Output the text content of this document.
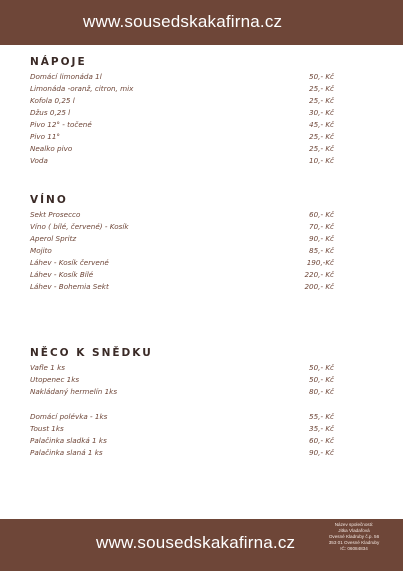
www.sousedskakafirna.cz
NÁPOJE
Domácí limonáda 1l	50,- Kč
Limonáda -oranž, citron, mix	25,- Kč
Kofola 0,25 l	25,- Kč
Džus 0,25 l	30,- Kč
Pivo 12° - točené	45,- Kč
Pivo 11°	25,- Kč
Nealko pivo	25,- Kč
Voda	10,- Kč
VÍNO
Sekt Prosecco	60,- Kč
Víno ( bílé, červené) - Kosík	70,- Kč
Aperol Spritz	90,- Kč
Mojito	85,- Kč
Láhev - Kosík červené	190,-Kč
Láhev - Kosík Bílé	220,- Kč
Láhev - Bohemia Sekt	200,- Kč
NĚCO K SNĚDKU
Vafle 1 ks	50,- Kč
Utopenec 1ks	50,- Kč
Nakládaný hermelín 1ks	80,- Kč
Domácí polévka - 1ks	55,- Kč
Toust 1ks	35,- Kč
Palačinka sladká 1 ks	60,- Kč
Palačinka slaná 1 ks	90,- Kč
www.sousedskakafirna.cz
Název společnosti:
Jitka Vladařová
Ovesné Kladruby č.p. 56
353 01 Ovesné Kladruby
IČ: 06084834
